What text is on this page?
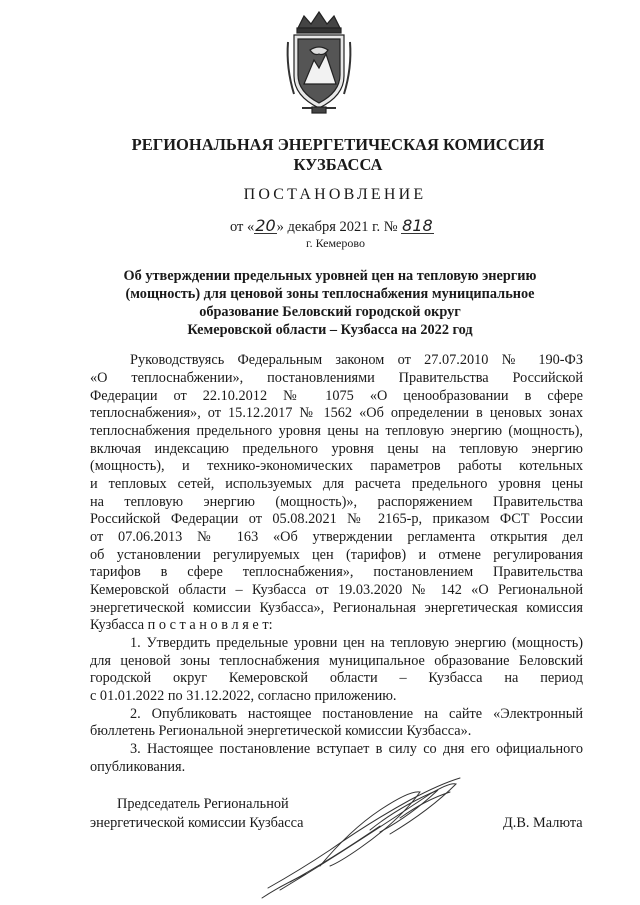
РЕГИОНАЛЬНАЯ ЭНЕРГЕТИЧЕСКАЯ КОМИССИЯ
КУЗБАССА
ПОСТАНОВЛЕНИЕ
от «20» декабря 2021 г. № 818
г. Кемерово
Об утверждении предельных уровней цен на тепловую энергию
(мощность) для ценовой зоны теплоснабжения муниципальное
образование Беловский городской округ
Кемеровской области – Кузбасса на 2022 год
Руководствуясь Федеральным законом от 27.07.2010 № 190-ФЗ
«О теплоснабжении», постановлениями Правительства Российской
Федерации от 22.10.2012 № 1075 «О ценообразовании в сфере
теплоснабжения», от 15.12.2017 № 1562 «Об определении в ценовых зонах
теплоснабжения предельного уровня цены на тепловую энергию (мощность),
включая индексацию предельного уровня цены на тепловую энергию
(мощность), и технико-экономических параметров работы котельных
и тепловых сетей, используемых для расчета предельного уровня цены
на тепловую энергию (мощность)», распоряжением Правительства
Российской Федерации от 05.08.2021 № 2165-р, приказом ФСТ России
от 07.06.2013 № 163 «Об утверждении регламента открытия дел
об установлении регулируемых цен (тарифов) и отмене регулирования
тарифов в сфере теплоснабжения», постановлением Правительства
Кемеровской области – Кузбасса от 19.03.2020 № 142 «О Региональной
энергетической комиссии Кузбасса», Региональная энергетическая комиссия
Кузбасса п о с т а н о в л я е т:
1. Утвердить предельные уровни цен на тепловую энергию (мощность)
для ценовой зоны теплоснабжения муниципальное образование Беловский
городской округ Кемеровской области – Кузбасса на период
с 01.01.2022 по 31.12.2022, согласно приложению.
2. Опубликовать настоящее постановление на сайте «Электронный
бюллетень Региональной энергетической комиссии Кузбасса».
3. Настоящее постановление вступает в силу со дня его официального
опубликования.
Председатель Региональной
энергетической комиссии Кузбасса	Д.В. Малюта
